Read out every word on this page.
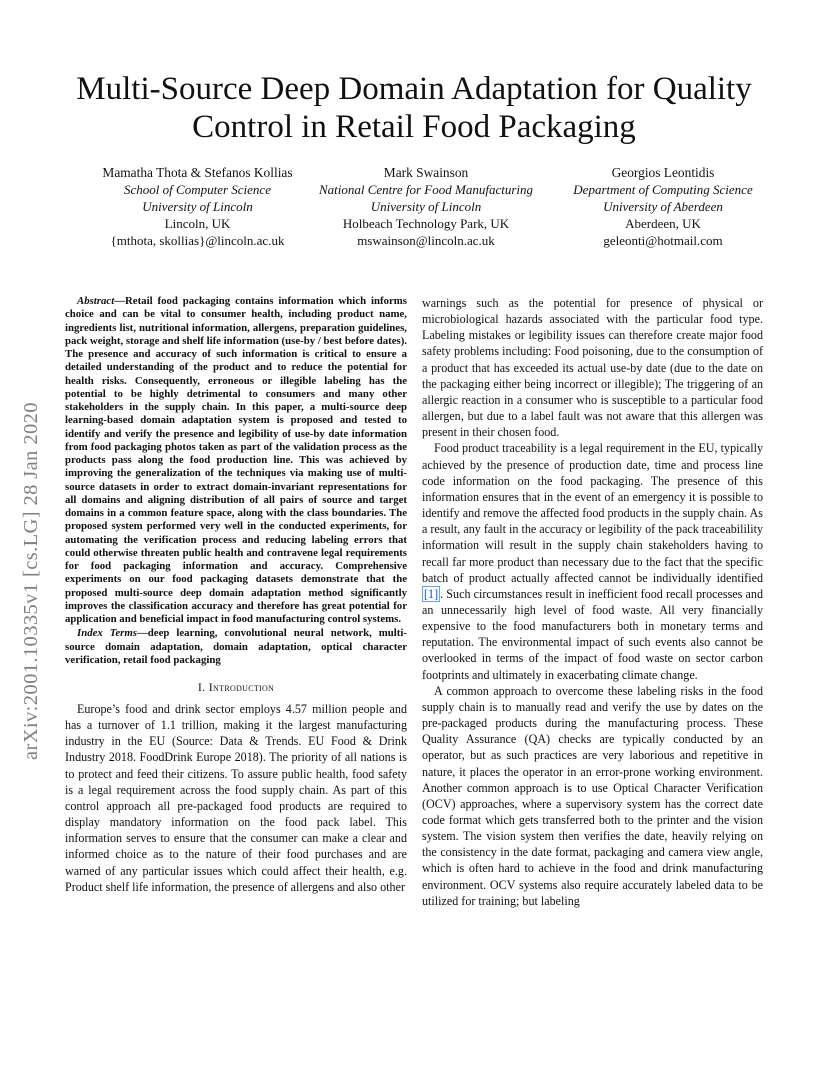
arXiv:2001.10335v1 [cs.LG] 28 Jan 2020
Multi-Source Deep Domain Adaptation for Quality Control in Retail Food Packaging
Mamatha Thota & Stefanos Kollias
School of Computer Science
University of Lincoln
Lincoln, UK
{mthota, skollias}@lincoln.ac.uk
Mark Swainson
National Centre for Food Manufacturing
University of Lincoln
Holbeach Technology Park, UK
mswainson@lincoln.ac.uk
Georgios Leontidis
Department of Computing Science
University of Aberdeen
Aberdeen, UK
geleonti@hotmail.com

Abstract—Retail food packaging contains information which informs choice and can be vital to consumer health, including product name, ingredients list, nutritional information, allergens, preparation guidelines, pack weight, storage and shelf life information (use-by / best before dates). The presence and accuracy of such information is critical to ensure a detailed understanding of the product and to reduce the potential for health risks. Consequently, erroneous or illegible labeling has the potential to be highly detrimental to consumers and many other stakeholders in the supply chain. In this paper, a multi-source deep learning-based domain adaptation system is proposed and tested to identify and verify the presence and legibility of use-by date information from food packaging photos taken as part of the validation process as the products pass along the food production line. This was achieved by improving the generalization of the techniques via making use of multi-source datasets in order to extract domain-invariant representations for all domains and aligning distribution of all pairs of source and target domains in a common feature space, along with the class boundaries. The proposed system performed very well in the conducted experiments, for automating the verification process and reducing labeling errors that could otherwise threaten public health and contravene legal requirements for food packaging information and accuracy. Comprehensive experiments on our food packaging datasets demonstrate that the proposed multi-source deep domain adaptation method significantly improves the classification accuracy and therefore has great potential for application and beneficial impact in food manufacturing control systems.

Index Terms—deep learning, convolutional neural network, multi-source domain adaptation, domain adaptation, optical character verification, retail food packaging

I. Introduction

Europe’s food and drink sector employs 4.57 million people and has a turnover of 1.1 trillion, making it the largest manufacturing industry in the EU (Source: Data & Trends. EU Food & Drink Industry 2018. FoodDrink Europe 2018). The priority of all nations is to protect and feed their citizens. To assure public health, food safety is a legal requirement across the food supply chain. As part of this control approach all pre-packaged food products are required to display mandatory information on the food pack label. This information serves to ensure that the consumer can make a clear and informed choice as to the nature of their food purchases and are warned of any particular issues which could affect their health, e.g. Product shelf life information, the presence of allergens and also other

warnings such as the potential for presence of physical or microbiological hazards associated with the particular food type. Labeling mistakes or legibility issues can therefore create major food safety problems including: Food poisoning, due to the consumption of a product that has exceeded its actual use-by date (due to the date on the packaging either being incorrect or illegible); The triggering of an allergic reaction in a consumer who is susceptible to a particular food allergen, but due to a label fault was not aware that this allergen was present in their chosen food.

Food product traceability is a legal requirement in the EU, typically achieved by the presence of production date, time and process line code information on the food packaging. The presence of this information ensures that in the event of an emergency it is possible to identify and remove the affected food products in the supply chain. As a result, any fault in the accuracy or legibility of the pack traceabilility information will result in the supply chain stakeholders having to recall far more product than necessary due to the fact that the specific batch of product actually affected cannot be individually identified [1] . Such circumstances result in inefficient food recall processes and an unnecessarily high level of food waste. All very financially expensive to the food manufacturers both in monetary terms and reputation. The environmental impact of such events also cannot be overlooked in terms of the impact of food waste on sector carbon footprints and ultimately in exacerbating climate change.

A common approach to overcome these labeling risks in the food supply chain is to manually read and verify the use by dates on the pre-packaged products during the manufacturing process. These Quality Assurance (QA) checks are typically conducted by an operator, but as such practices are very laborious and repetitive in nature, it places the operator in an error-prone working environment. Another common approach is to use Optical Character Verification (OCV) approaches, where a supervisory system has the correct date code format which gets transferred both to the printer and the vision system. The vision system then verifies the date, heavily relying on the consistency in the date format, packaging and camera view angle, which is often hard to achieve in the food and drink manufacturing environment. OCV systems also require accurately labeled data to be utilized for training; but labeling
